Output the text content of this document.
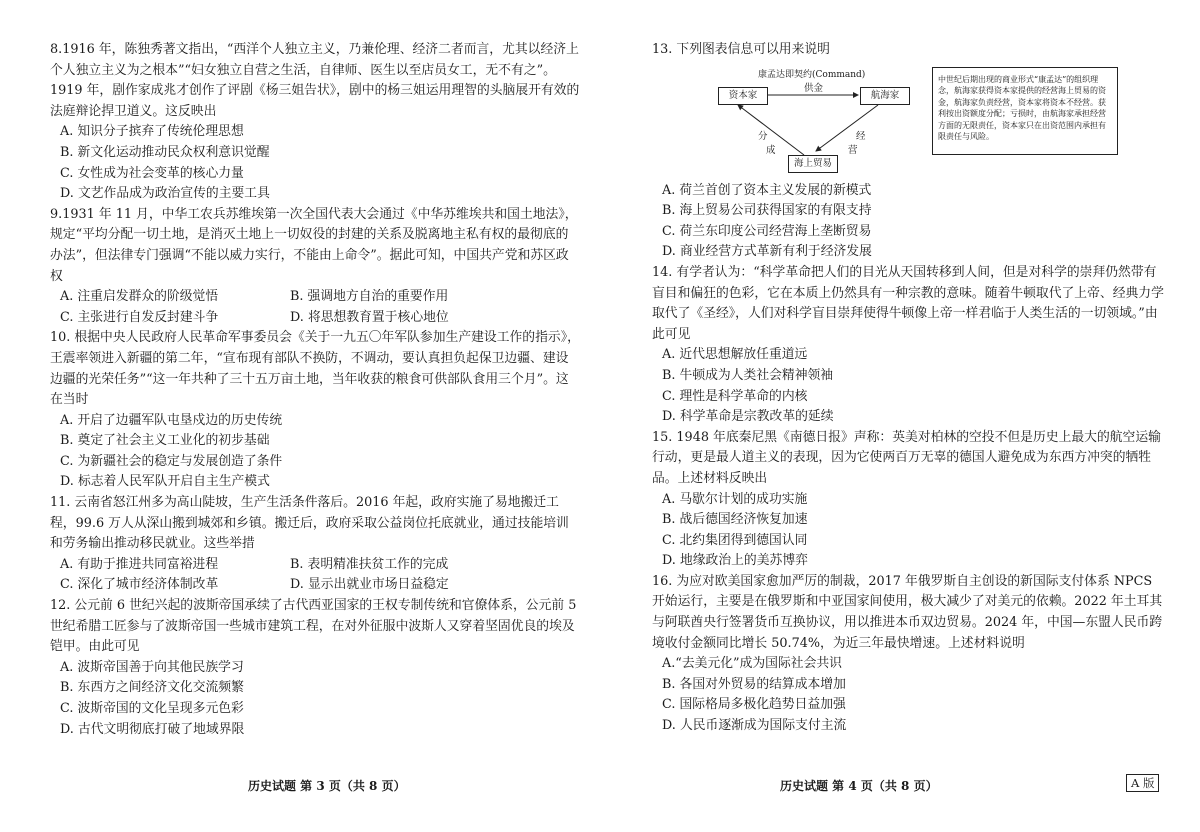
8.1916 年，陈独秀著文指出，“西洋个人独立主义，乃兼伦理、经济二者而言，尤其以经济上个人独立主义为之根本”“妇女独立自营之生活，自律师、医生以至店员女工，无不有之”。1919 年，剧作家成兆才创作了评剧《杨三姐告状》，剧中的杨三姐运用理智的头脑展开有效的法庭辩论捍卫道义。这反映出

A. 知识分子摈弃了传统伦理思想

B. 新文化运动推动民众权利意识觉醒

C. 女性成为社会变革的核心力量

D. 文艺作品成为政治宣传的主要工具

9.1931 年 11 月，中华工农兵苏维埃第一次全国代表大会通过《中华苏维埃共和国土地法》，规定“平均分配一切土地，是消灭土地上一切奴役的封建的关系及脱离地主私有权的最彻底的办法”，但法律专门强调“不能以威力实行，不能由上命令”。据此可知，中国共产党和苏区政权

A. 注重启发群众的阶级觉悟	B. 强调地方自治的重要作用

C. 主张进行自发反封建斗争	D. 将思想教育置于核心地位

10. 根据中央人民政府人民革命军事委员会《关于一九五〇年军队参加生产建设工作的指示》，王震率领进入新疆的第二年，“宣布现有部队不换防，不调动，要认真担负起保卫边疆、建设边疆的光荣任务”“这一年共种了三十五万亩土地，当年收获的粮食可供部队食用三个月”。这在当时

A. 开启了边疆军队屯垦戍边的历史传统

B. 奠定了社会主义工业化的初步基础

C. 为新疆社会的稳定与发展创造了条件

D. 标志着人民军队开启自主生产模式

11. 云南省怒江州多为高山陡坡，生产生活条件落后。2016 年起，政府实施了易地搬迁工程，99.6 万人从深山搬到城郊和乡镇。搬迁后，政府采取公益岗位托底就业，通过技能培训和劳务输出推动移民就业。这些举措

A. 有助于推进共同富裕进程	B. 表明精准扶贫工作的完成

C. 深化了城市经济体制改革	D. 显示出就业市场日益稳定

12. 公元前 6 世纪兴起的波斯帝国承续了古代西亚国家的王权专制传统和官僚体系，公元前 5 世纪希腊工匠参与了波斯帝国一些城市建筑工程，在对外征服中波斯人又穿着坚固优良的埃及铠甲。由此可见

A. 波斯帝国善于向其他民族学习

B. 东西方之间经济文化交流频繁

C. 波斯帝国的文化呈现多元色彩

D. 古代文明彻底打破了地域界限

历史试题 第 3 页（共 8 页）

13. 下列图表信息可以用来说明

康孟达即契约(Command)
资本家	航海家
海上贸易
供金
分
成
经
营
中世纪后期出现的商业形式“康孟达”的组织理念，航海家获得资本家提供的经营海上贸易的资金，航海家负责经营，资本家将资本不经营。获利按出资额度分配；亏损时，由航海家承担经营方面的无限责任，资本家只在出资范围内承担有限责任与风险。

A. 荷兰首创了资本主义发展的新模式

B. 海上贸易公司获得国家的有限支持

C. 荷兰东印度公司经营海上垄断贸易

D. 商业经营方式革新有利于经济发展

14. 有学者认为：“科学革命把人们的目光从天国转移到人间，但是对科学的崇拜仍然带有盲目和偏狂的色彩，它在本质上仍然具有一种宗教的意味。随着牛顿取代了上帝、经典力学取代了《圣经》，人们对科学盲目崇拜使得牛顿像上帝一样君临于人类生活的一切领域。”由此可见

A. 近代思想解放任重道远

B. 牛顿成为人类社会精神领袖

C. 理性是科学革命的内核

D. 科学革命是宗教改革的延续

15. 1948 年底秦尼黑《南德日报》声称：英美对柏林的空投不但是历史上最大的航空运输行动，更是最人道主义的表现，因为它使两百万无辜的德国人避免成为东西方冲突的牺牲品。上述材料反映出

A. 马歇尔计划的成功实施

B. 战后德国经济恢复加速

C. 北约集团得到德国认同

D. 地缘政治上的美苏博弈

16. 为应对欧美国家愈加严厉的制裁，2017 年俄罗斯自主创设的新国际支付体系 NPCS 开始运行，主要是在俄罗斯和中亚国家间使用，极大减少了对美元的依赖。2022 年土耳其与阿联酋央行签署货币互换协议，用以推进本币双边贸易。2024 年，中国—东盟人民币跨境收付金额同比增长 50.74%，为近三年最快增速。上述材料说明

A.“去美元化”成为国际社会共识

B. 各国对外贸易的结算成本增加

C. 国际格局多极化趋势日益加强

D. 人民币逐渐成为国际支付主流

历史试题 第 4 页（共 8 页）	A 版
